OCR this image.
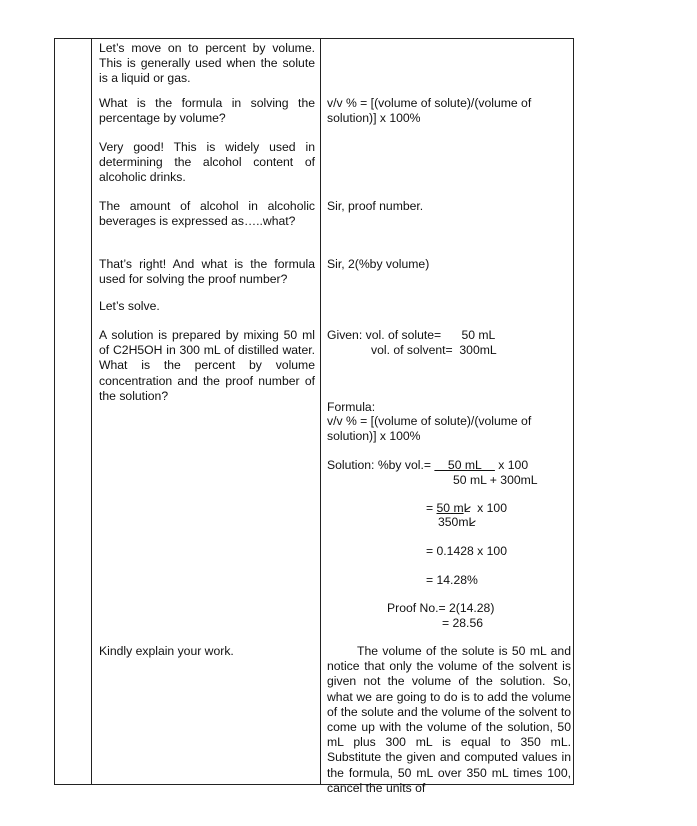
Let’s move on to percent by volume. This is generally used when the solute is a liquid or gas.

What is the formula in solving the percentage by volume?

Very good! This is widely used in determining the alcohol content of alcoholic drinks.

The amount of alcohol in alcoholic beverages is expressed as…..what?

That’s right! And what is the formula used for solving the proof number?

Let’s solve.

A solution is prepared by mixing 50 ml of C2H5OH in 300 mL of distilled water. What is the percent by volume concentration and the proof number of the solution?

Kindly explain your work.

v/v % = [(volume of solute)/(volume of solution)] x 100%

Sir, proof number.

Sir, 2(%by volume)

Given: vol. of solute=      50 mL

vol. of solvent=  300mL

Formula:

v/v % = [(volume of solute)/(volume of solution)] x 100%

Solution: %by vol.=     50 mL     x 100

50 mL + 300mL

= 50 mL  x 100

350mL

= 0.1428 x 100

= 14.28%

Proof No.= 2(14.28)

= 28.56

The volume of the solute is 50 mL and notice that only the volume of the solvent is given not the volume of the solution. So, what we are going to do is to add the volume of the solute and the volume of the solvent to come up with the volume of the solution, 50 mL plus 300 mL is equal to 350 mL. Substitute the given and computed values in the formula, 50 mL over 350 mL times 100, cancel the units of
